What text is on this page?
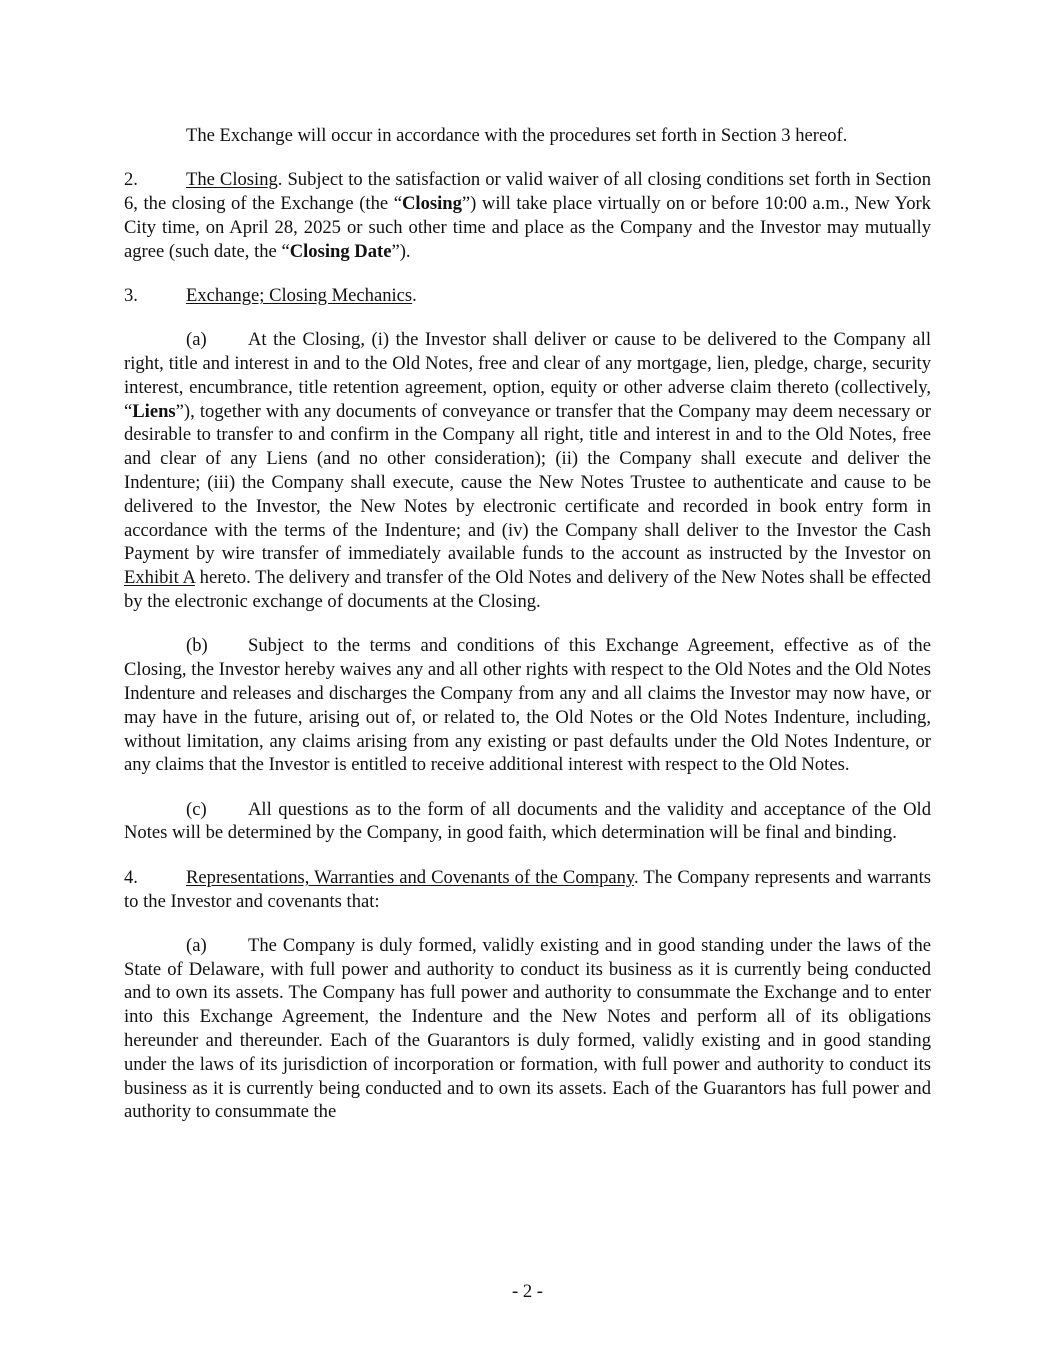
The Exchange will occur in accordance with the procedures set forth in Section 3 hereof.

2.	The Closing. Subject to the satisfaction or valid waiver of all closing conditions set forth in Section 6, the closing of the Exchange (the “Closing”) will take place virtually on or before 10:00 a.m., New York City time, on April 28, 2025 or such other time and place as the Company and the Investor may mutually agree (such date, the “Closing Date”).

3.	Exchange; Closing Mechanics.

(a) At the Closing, (i) the Investor shall deliver or cause to be delivered to the Company all right, title and interest in and to the Old Notes, free and clear of any mortgage, lien, pledge, charge, security interest, encumbrance, title retention agreement, option, equity or other adverse claim thereto (collectively, “Liens”), together with any documents of conveyance or transfer that the Company may deem necessary or desirable to transfer to and confirm in the Company all right, title and interest in and to the Old Notes, free and clear of any Liens (and no other consideration); (ii) the Company shall execute and deliver the Indenture; (iii) the Company shall execute, cause the New Notes Trustee to authenticate and cause to be delivered to the Investor, the New Notes by electronic certificate and recorded in book entry form in accordance with the terms of the Indenture; and (iv) the Company shall deliver to the Investor the Cash Payment by wire transfer of immediately available funds to the account as instructed by the Investor on Exhibit A hereto. The delivery and transfer of the Old Notes and delivery of the New Notes shall be effected by the electronic exchange of documents at the Closing.

(b) Subject to the terms and conditions of this Exchange Agreement, effective as of the Closing, the Investor hereby waives any and all other rights with respect to the Old Notes and the Old Notes Indenture and releases and discharges the Company from any and all claims the Investor may now have, or may have in the future, arising out of, or related to, the Old Notes or the Old Notes Indenture, including, without limitation, any claims arising from any existing or past defaults under the Old Notes Indenture, or any claims that the Investor is entitled to receive additional interest with respect to the Old Notes.

(c) All questions as to the form of all documents and the validity and acceptance of the Old Notes will be determined by the Company, in good faith, which determination will be final and binding.

4.	Representations, Warranties and Covenants of the Company. The Company represents and warrants to the Investor and covenants that:

(a) The Company is duly formed, validly existing and in good standing under the laws of the State of Delaware, with full power and authority to conduct its business as it is currently being conducted and to own its assets. The Company has full power and authority to consummate the Exchange and to enter into this Exchange Agreement, the Indenture and the New Notes and perform all of its obligations hereunder and thereunder. Each of the Guarantors is duly formed, validly existing and in good standing under the laws of its jurisdiction of incorporation or formation, with full power and authority to conduct its business as it is currently being conducted and to own its assets. Each of the Guarantors has full power and authority to consummate the

- 2 -
